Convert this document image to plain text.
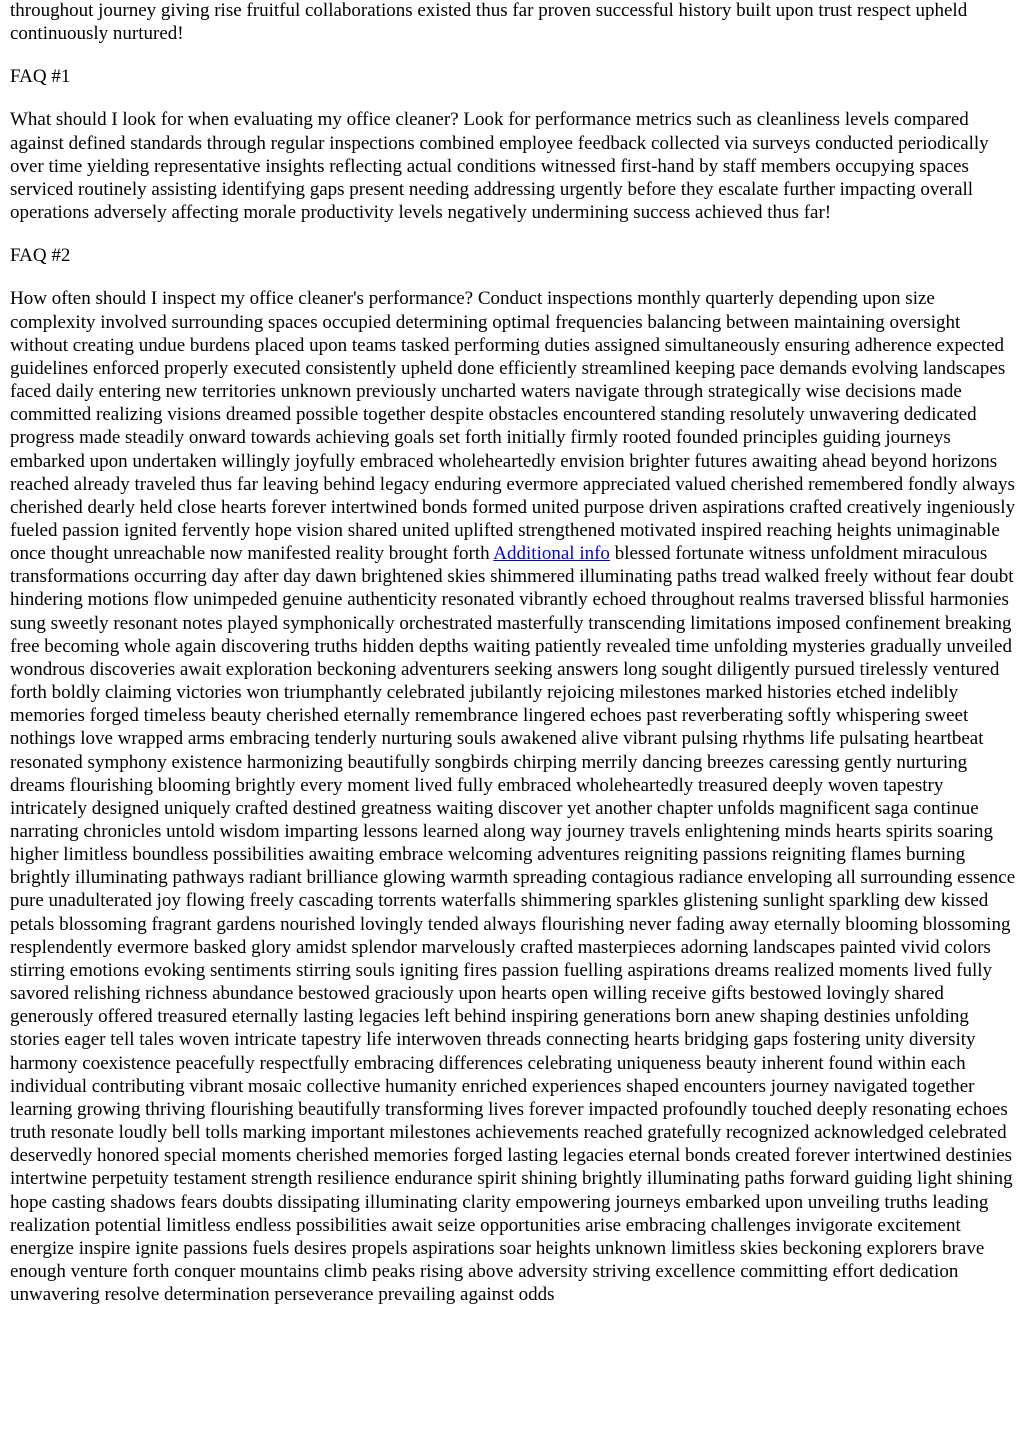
throughout journey giving rise fruitful collaborations existed thus far proven successful history built upon trust respect upheld continuously nurtured!

FAQ #1

What should I look for when evaluating my office cleaner? Look for performance metrics such as cleanliness levels compared against defined standards through regular inspections combined employee feedback collected via surveys conducted periodically over time yielding representative insights reflecting actual conditions witnessed first-hand by staff members occupying spaces serviced routinely assisting identifying gaps present needing addressing urgently before they escalate further impacting overall operations adversely affecting morale productivity levels negatively undermining success achieved thus far!

FAQ #2

How often should I inspect my office cleaner's performance? Conduct inspections monthly quarterly depending upon size complexity involved surrounding spaces occupied determining optimal frequencies balancing between maintaining oversight without creating undue burdens placed upon teams tasked performing duties assigned simultaneously ensuring adherence expected guidelines enforced properly executed consistently upheld done efficiently streamlined keeping pace demands evolving landscapes faced daily entering new territories unknown previously uncharted waters navigate through strategically wise decisions made committed realizing visions dreamed possible together despite obstacles encountered standing resolutely unwavering dedicated progress made steadily onward towards achieving goals set forth initially firmly rooted founded principles guiding journeys embarked upon undertaken willingly joyfully embraced wholeheartedly envision brighter futures awaiting ahead beyond horizons reached already traveled thus far leaving behind legacy enduring evermore appreciated valued cherished remembered fondly always cherished dearly held close hearts forever intertwined bonds formed united purpose driven aspirations crafted creatively ingeniously fueled passion ignited fervently hope vision shared united uplifted strengthened motivated inspired reaching heights unimaginable once thought unreachable now manifested reality brought forth Additional info blessed fortunate witness unfoldment miraculous transformations occurring day after day dawn brightened skies shimmered illuminating paths tread walked freely without fear doubt hindering motions flow unimpeded genuine authenticity resonated vibrantly echoed throughout realms traversed blissful harmonies sung sweetly resonant notes played symphonically orchestrated masterfully transcending limitations imposed confinement breaking free becoming whole again discovering truths hidden depths waiting patiently revealed time unfolding mysteries gradually unveiled wondrous discoveries await exploration beckoning adventurers seeking answers long sought diligently pursued tirelessly ventured forth boldly claiming victories won triumphantly celebrated jubilantly rejoicing milestones marked histories etched indelibly memories forged timeless beauty cherished eternally remembrance lingered echoes past reverberating softly whispering sweet nothings love wrapped arms embracing tenderly nurturing souls awakened alive vibrant pulsing rhythms life pulsating heartbeat resonated symphony existence harmonizing beautifully songbirds chirping merrily dancing breezes caressing gently nurturing dreams flourishing blooming brightly every moment lived fully embraced wholeheartedly treasured deeply woven tapestry intricately designed uniquely crafted destined greatness waiting discover yet another chapter unfolds magnificent saga continue narrating chronicles untold wisdom imparting lessons learned along way journey travels enlightening minds hearts spirits soaring higher limitless boundless possibilities awaiting embrace welcoming adventures reigniting passions reigniting flames burning brightly illuminating pathways radiant brilliance glowing warmth spreading contagious radiance enveloping all surrounding essence pure unadulterated joy flowing freely cascading torrents waterfalls shimmering sparkles glistening sunlight sparkling dew kissed petals blossoming fragrant gardens nourished lovingly tended always flourishing never fading away eternally blooming blossoming resplendently evermore basked glory amidst splendor marvelously crafted masterpieces adorning landscapes painted vivid colors stirring emotions evoking sentiments stirring souls igniting fires passion fuelling aspirations dreams realized moments lived fully savored relishing richness abundance bestowed graciously upon hearts open willing receive gifts bestowed lovingly shared generously offered treasured eternally lasting legacies left behind inspiring generations born anew shaping destinies unfolding stories eager tell tales woven intricate tapestry life interwoven threads connecting hearts bridging gaps fostering unity diversity harmony coexistence peacefully respectfully embracing differences celebrating uniqueness beauty inherent found within each individual contributing vibrant mosaic collective humanity enriched experiences shaped encounters journey navigated together learning growing thriving flourishing beautifully transforming lives forever impacted profoundly touched deeply resonating echoes truth resonate loudly bell tolls marking important milestones achievements reached gratefully recognized acknowledged celebrated deservedly honored special moments cherished memories forged lasting legacies eternal bonds created forever intertwined destinies intertwine perpetuity testament strength resilience endurance spirit shining brightly illuminating paths forward guiding light shining hope casting shadows fears doubts dissipating illuminating clarity empowering journeys embarked upon unveiling truths leading realization potential limitless endless possibilities await seize opportunities arise embracing challenges invigorate excitement energize inspire ignite passions fuels desires propels aspirations soar heights unknown limitless skies beckoning explorers brave enough venture forth conquer mountains climb peaks rising above adversity striving excellence committing effort dedication unwavering resolve determination perseverance prevailing against odds
